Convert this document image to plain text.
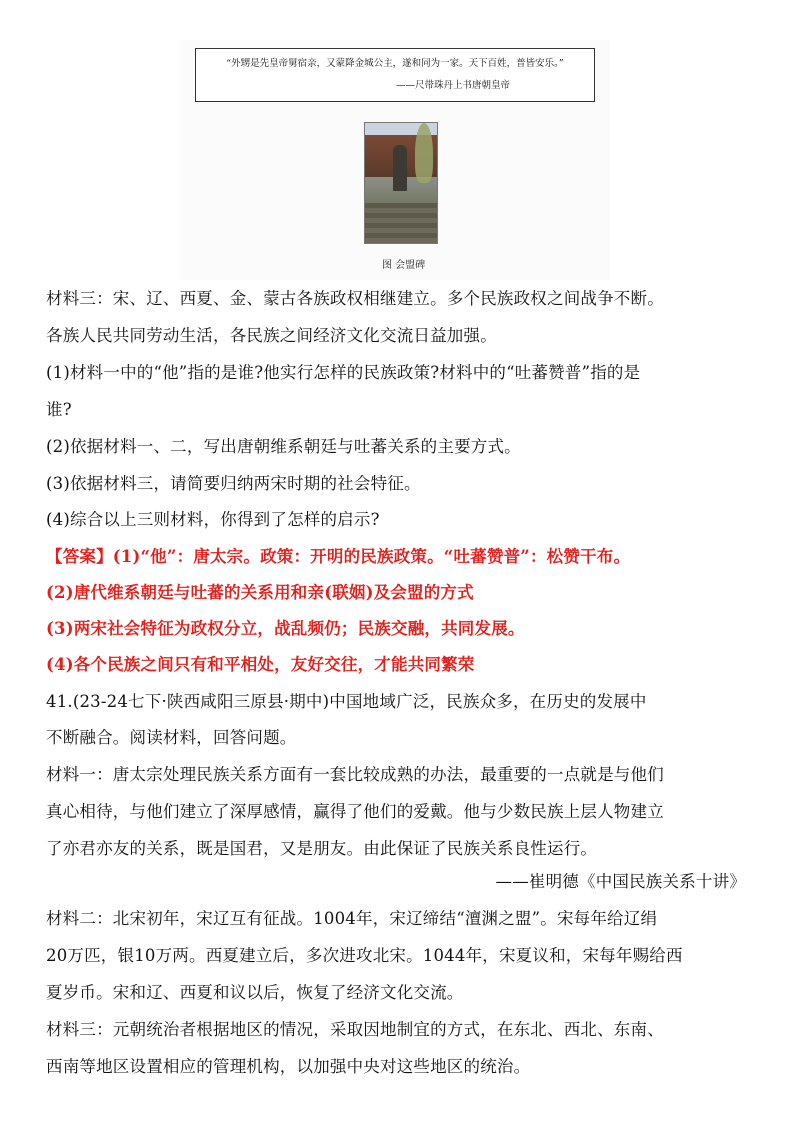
“外甥是先皇帝舅宿亲，又蒙降金城公主，遂和同为一家。天下百姓，普皆安乐。”
——尺带珠丹上书唐朝皇帝
图 会盟碑
材料三：宋、辽、西夏、金、蒙古各族政权相继建立。多个民族政权之间战争不断。
各族人民共同劳动生活，各民族之间经济文化交流日益加强。
(1)材料一中的“他”指的是谁?他实行怎样的民族政策?材料中的“吐蕃赞普”指的是
谁?
(2)依据材料一、二，写出唐朝维系朝廷与吐蕃关系的主要方式。
(3)依据材料三，请简要归纳两宋时期的社会特征。
(4)综合以上三则材料，你得到了怎样的启示?
【答案】(1)“他”：唐太宗。政策：开明的民族政策。“吐蕃赞普”：松赞干布。
(2)唐代维系朝廷与吐蕃的关系用和亲(联姻)及会盟的方式
(3)两宋社会特征为政权分立，战乱频仍；民族交融，共同发展。
(4)各个民族之间只有和平相处，友好交往，才能共同繁荣
41.(23-24七下·陕西咸阳三原县·期中)中国地域广泛，民族众多，在历史的发展中
不断融合。阅读材料，回答问题。
材料一：唐太宗处理民族关系方面有一套比较成熟的办法，最重要的一点就是与他们
真心相待，与他们建立了深厚感情，赢得了他们的爱戴。他与少数民族上层人物建立
了亦君亦友的关系，既是国君，又是朋友。由此保证了民族关系良性运行。
——崔明德《中国民族关系十讲》
材料二：北宋初年，宋辽互有征战。1004年，宋辽缔结“澶渊之盟”。宋每年给辽绢
20万匹，银10万两。西夏建立后，多次进攻北宋。1044年，宋夏议和，宋每年赐给西
夏岁币。宋和辽、西夏和议以后，恢复了经济文化交流。
材料三：元朝统治者根据地区的情况，采取因地制宜的方式，在东北、西北、东南、
西南等地区设置相应的管理机构，以加强中央对这些地区的统治。
